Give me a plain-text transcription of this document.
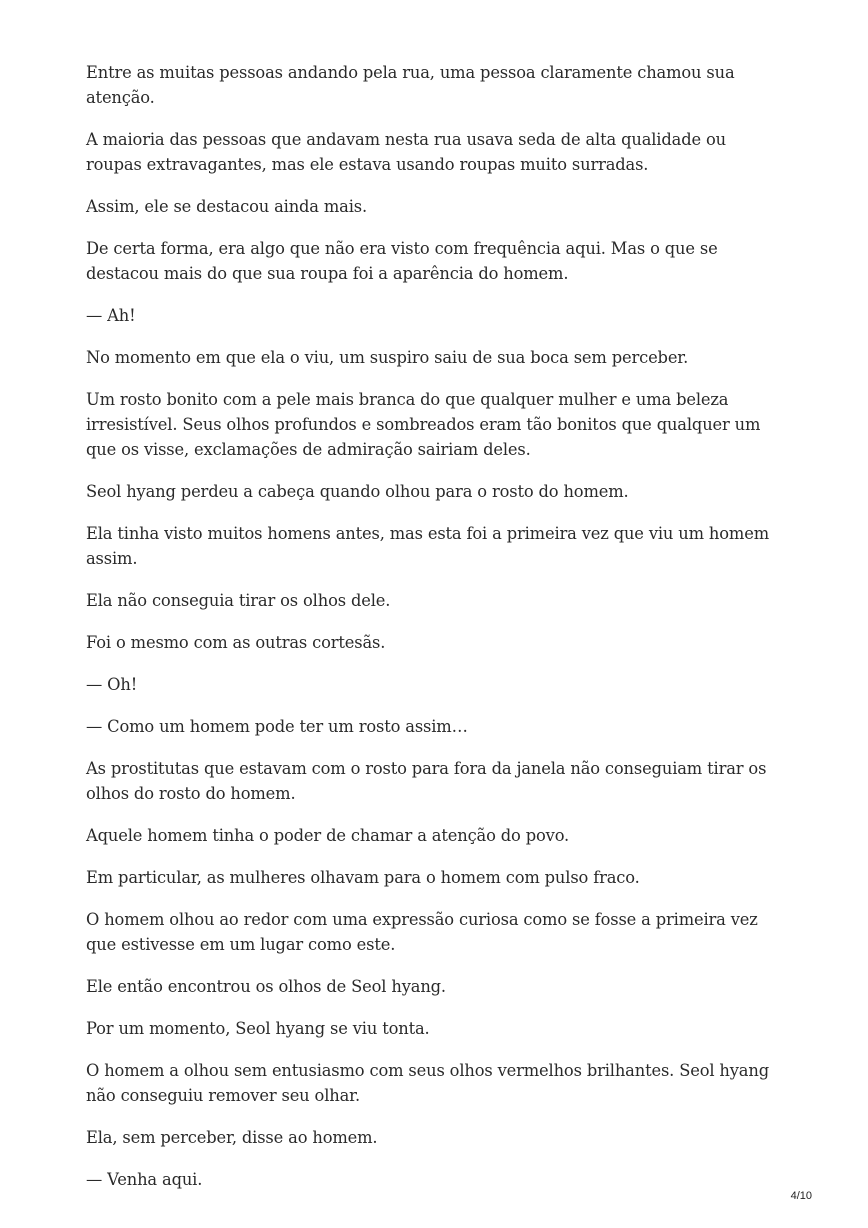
Entre as muitas pessoas andando pela rua, uma pessoa claramente chamou sua atenção.

A maioria das pessoas que andavam nesta rua usava seda de alta qualidade ou roupas extravagantes, mas ele estava usando roupas muito surradas.

Assim, ele se destacou ainda mais.

De certa forma, era algo que não era visto com frequência aqui. Mas o que se destacou mais do que sua roupa foi a aparência do homem.

— Ah!

No momento em que ela o viu, um suspiro saiu de sua boca sem perceber.

Um rosto bonito com a pele mais branca do que qualquer mulher e uma beleza irresistível. Seus olhos profundos e sombreados eram tão bonitos que qualquer um que os visse, exclamações de admiração sairiam deles.

Seol hyang perdeu a cabeça quando olhou para o rosto do homem.

Ela tinha visto muitos homens antes, mas esta foi a primeira vez que viu um homem assim.

Ela não conseguia tirar os olhos dele.

Foi o mesmo com as outras cortesãs.

— Oh!

— Como um homem pode ter um rosto assim…

As prostitutas que estavam com o rosto para fora da janela não conseguiam tirar os olhos do rosto do homem.

Aquele homem tinha o poder de chamar a atenção do povo.

Em particular, as mulheres olhavam para o homem com pulso fraco.

O homem olhou ao redor com uma expressão curiosa como se fosse a primeira vez que estivesse em um lugar como este.

Ele então encontrou os olhos de Seol hyang.

Por um momento, Seol hyang se viu tonta.

O homem a olhou sem entusiasmo com seus olhos vermelhos brilhantes. Seol hyang não conseguiu remover seu olhar.

Ela, sem perceber, disse ao homem.

— Venha aqui.

4/10
